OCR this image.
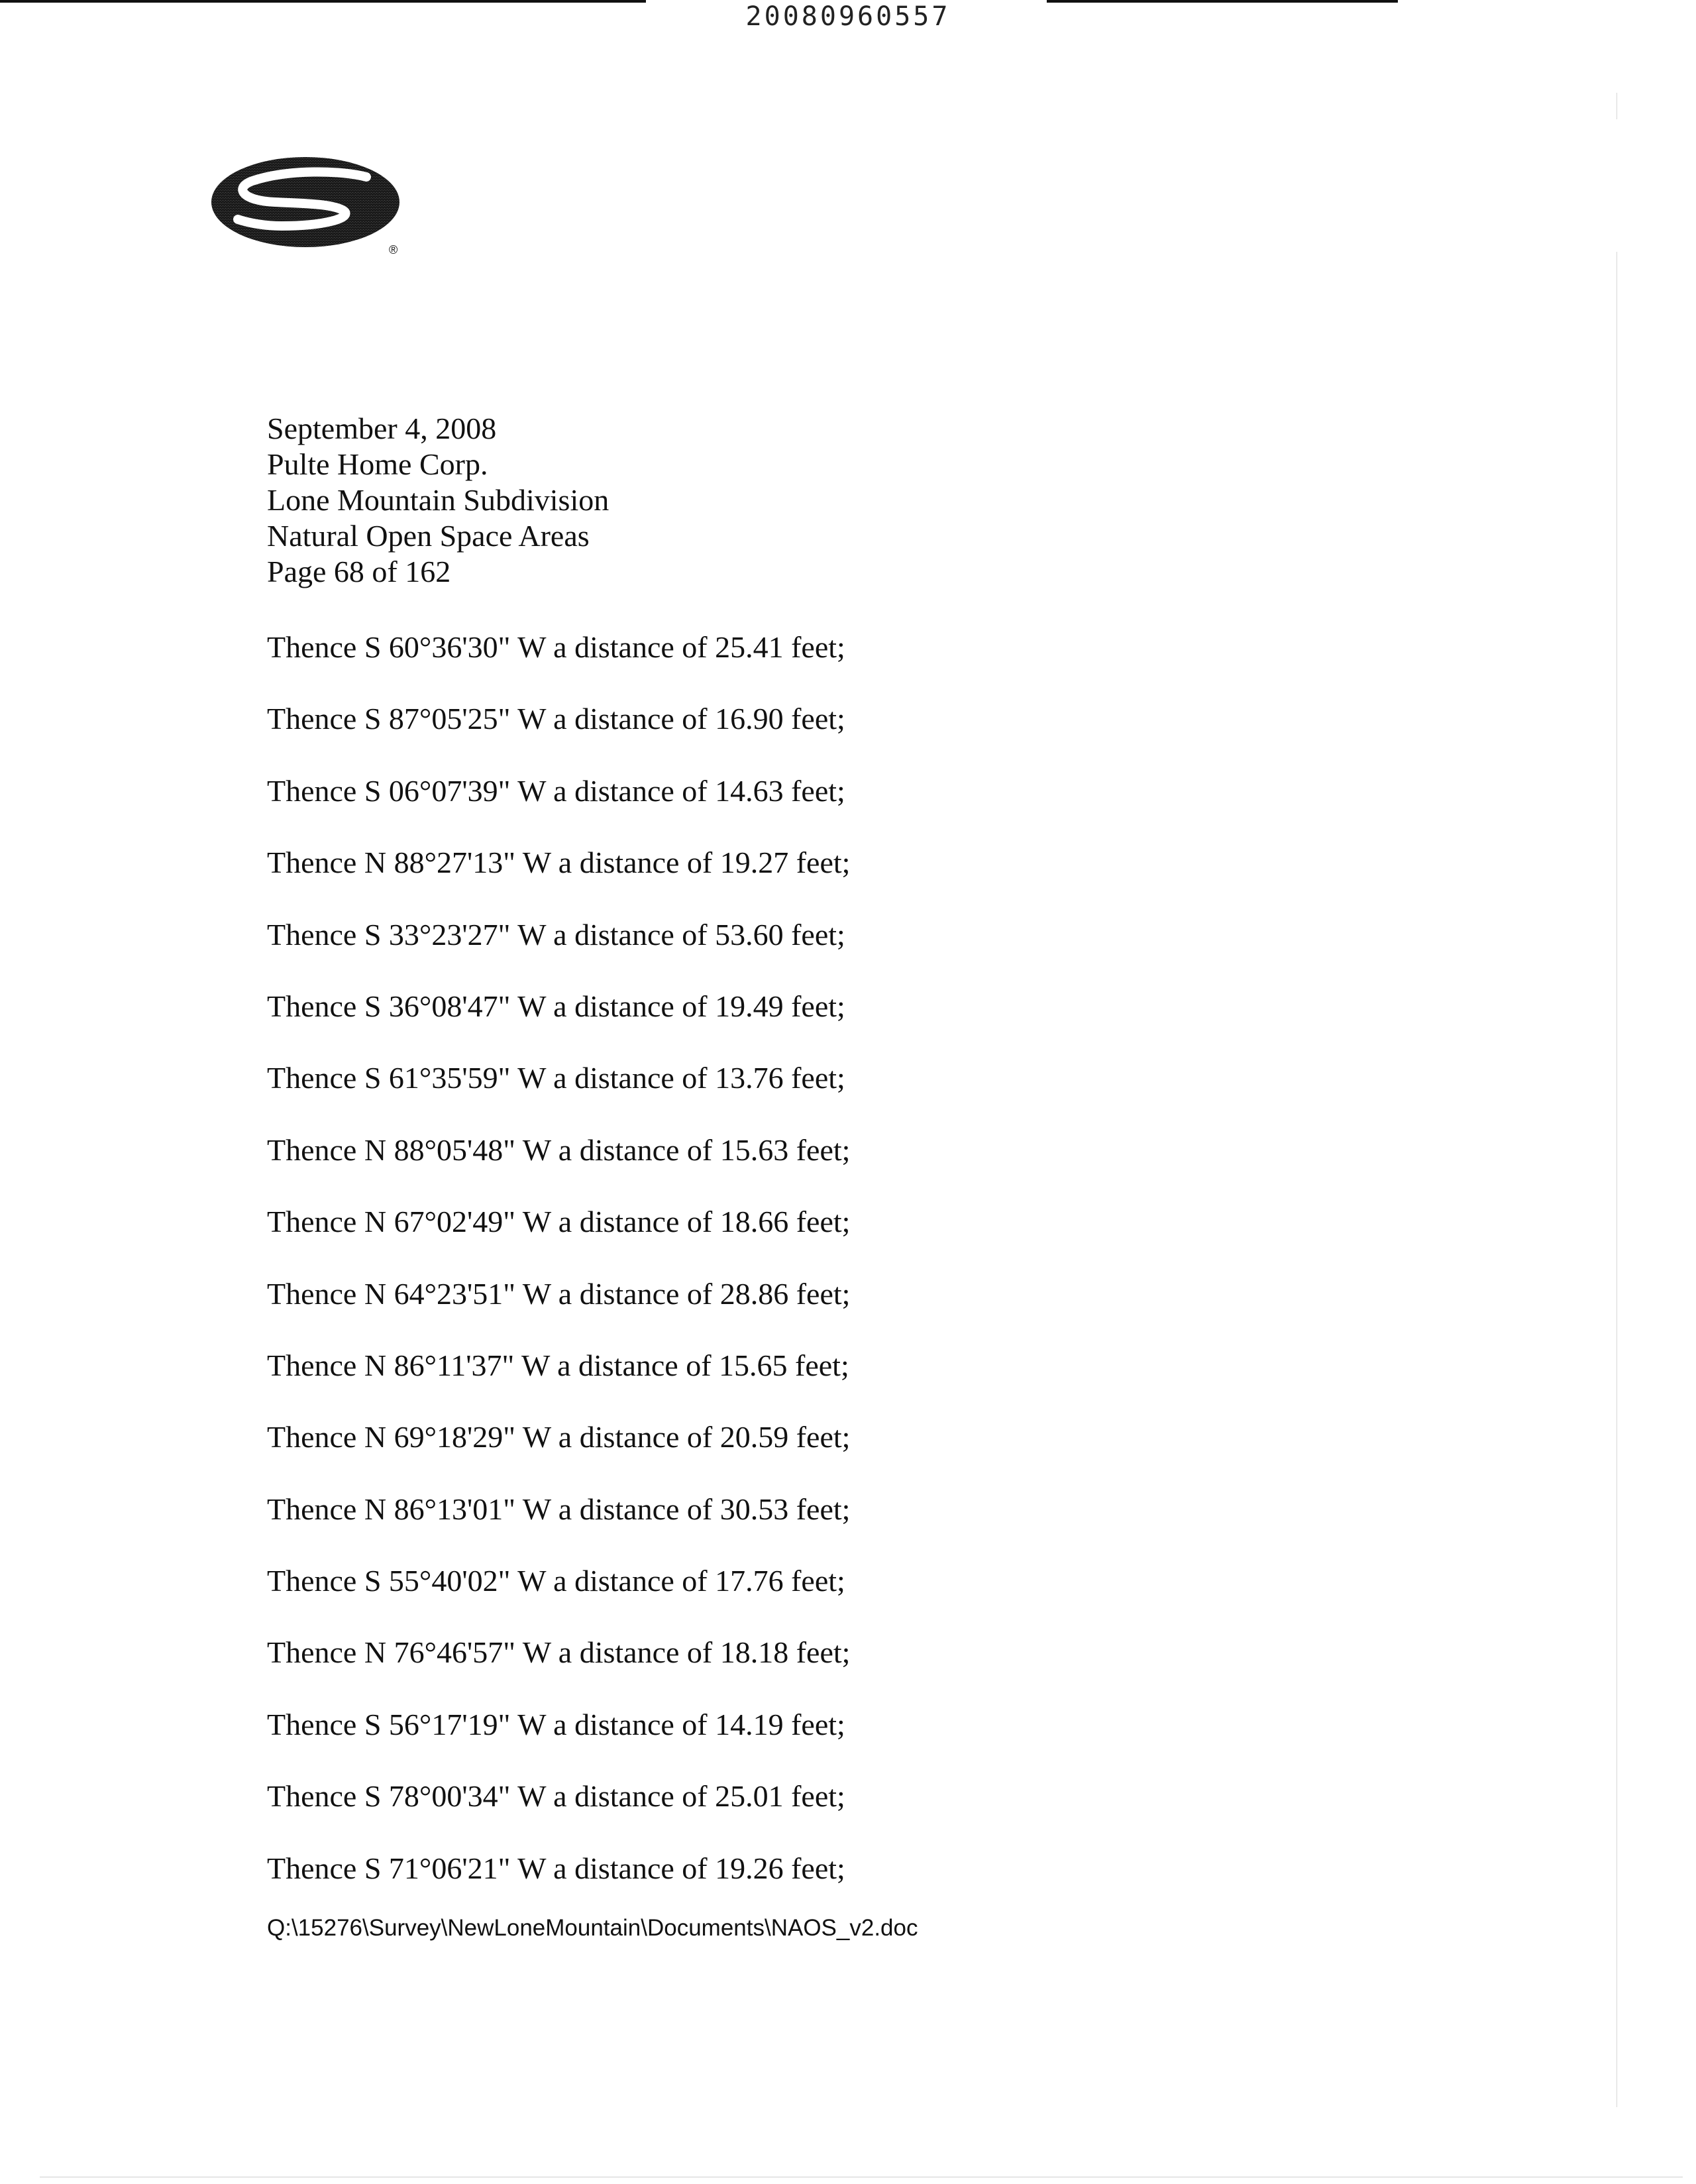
20080960557
®
September 4, 2008
Pulte Home Corp.
Lone Mountain Subdivision
Natural Open Space Areas
Page 68 of 162
Thence S 60°36'30" W a distance of 25.41 feet;
Thence S 87°05'25" W a distance of 16.90 feet;
Thence S 06°07'39" W a distance of 14.63 feet;
Thence N 88°27'13" W a distance of 19.27 feet;
Thence S 33°23'27" W a distance of 53.60 feet;
Thence S 36°08'47" W a distance of 19.49 feet;
Thence S 61°35'59" W a distance of 13.76 feet;
Thence N 88°05'48" W a distance of 15.63 feet;
Thence N 67°02'49" W a distance of 18.66 feet;
Thence N 64°23'51" W a distance of 28.86 feet;
Thence N 86°11'37" W a distance of 15.65 feet;
Thence N 69°18'29" W a distance of 20.59 feet;
Thence N 86°13'01" W a distance of 30.53 feet;
Thence S 55°40'02" W a distance of 17.76 feet;
Thence N 76°46'57" W a distance of 18.18 feet;
Thence S 56°17'19" W a distance of 14.19 feet;
Thence S 78°00'34" W a distance of 25.01 feet;
Thence S 71°06'21" W a distance of 19.26 feet;
Q:\15276\Survey\NewLoneMountain\Documents\NAOS_v2.doc
